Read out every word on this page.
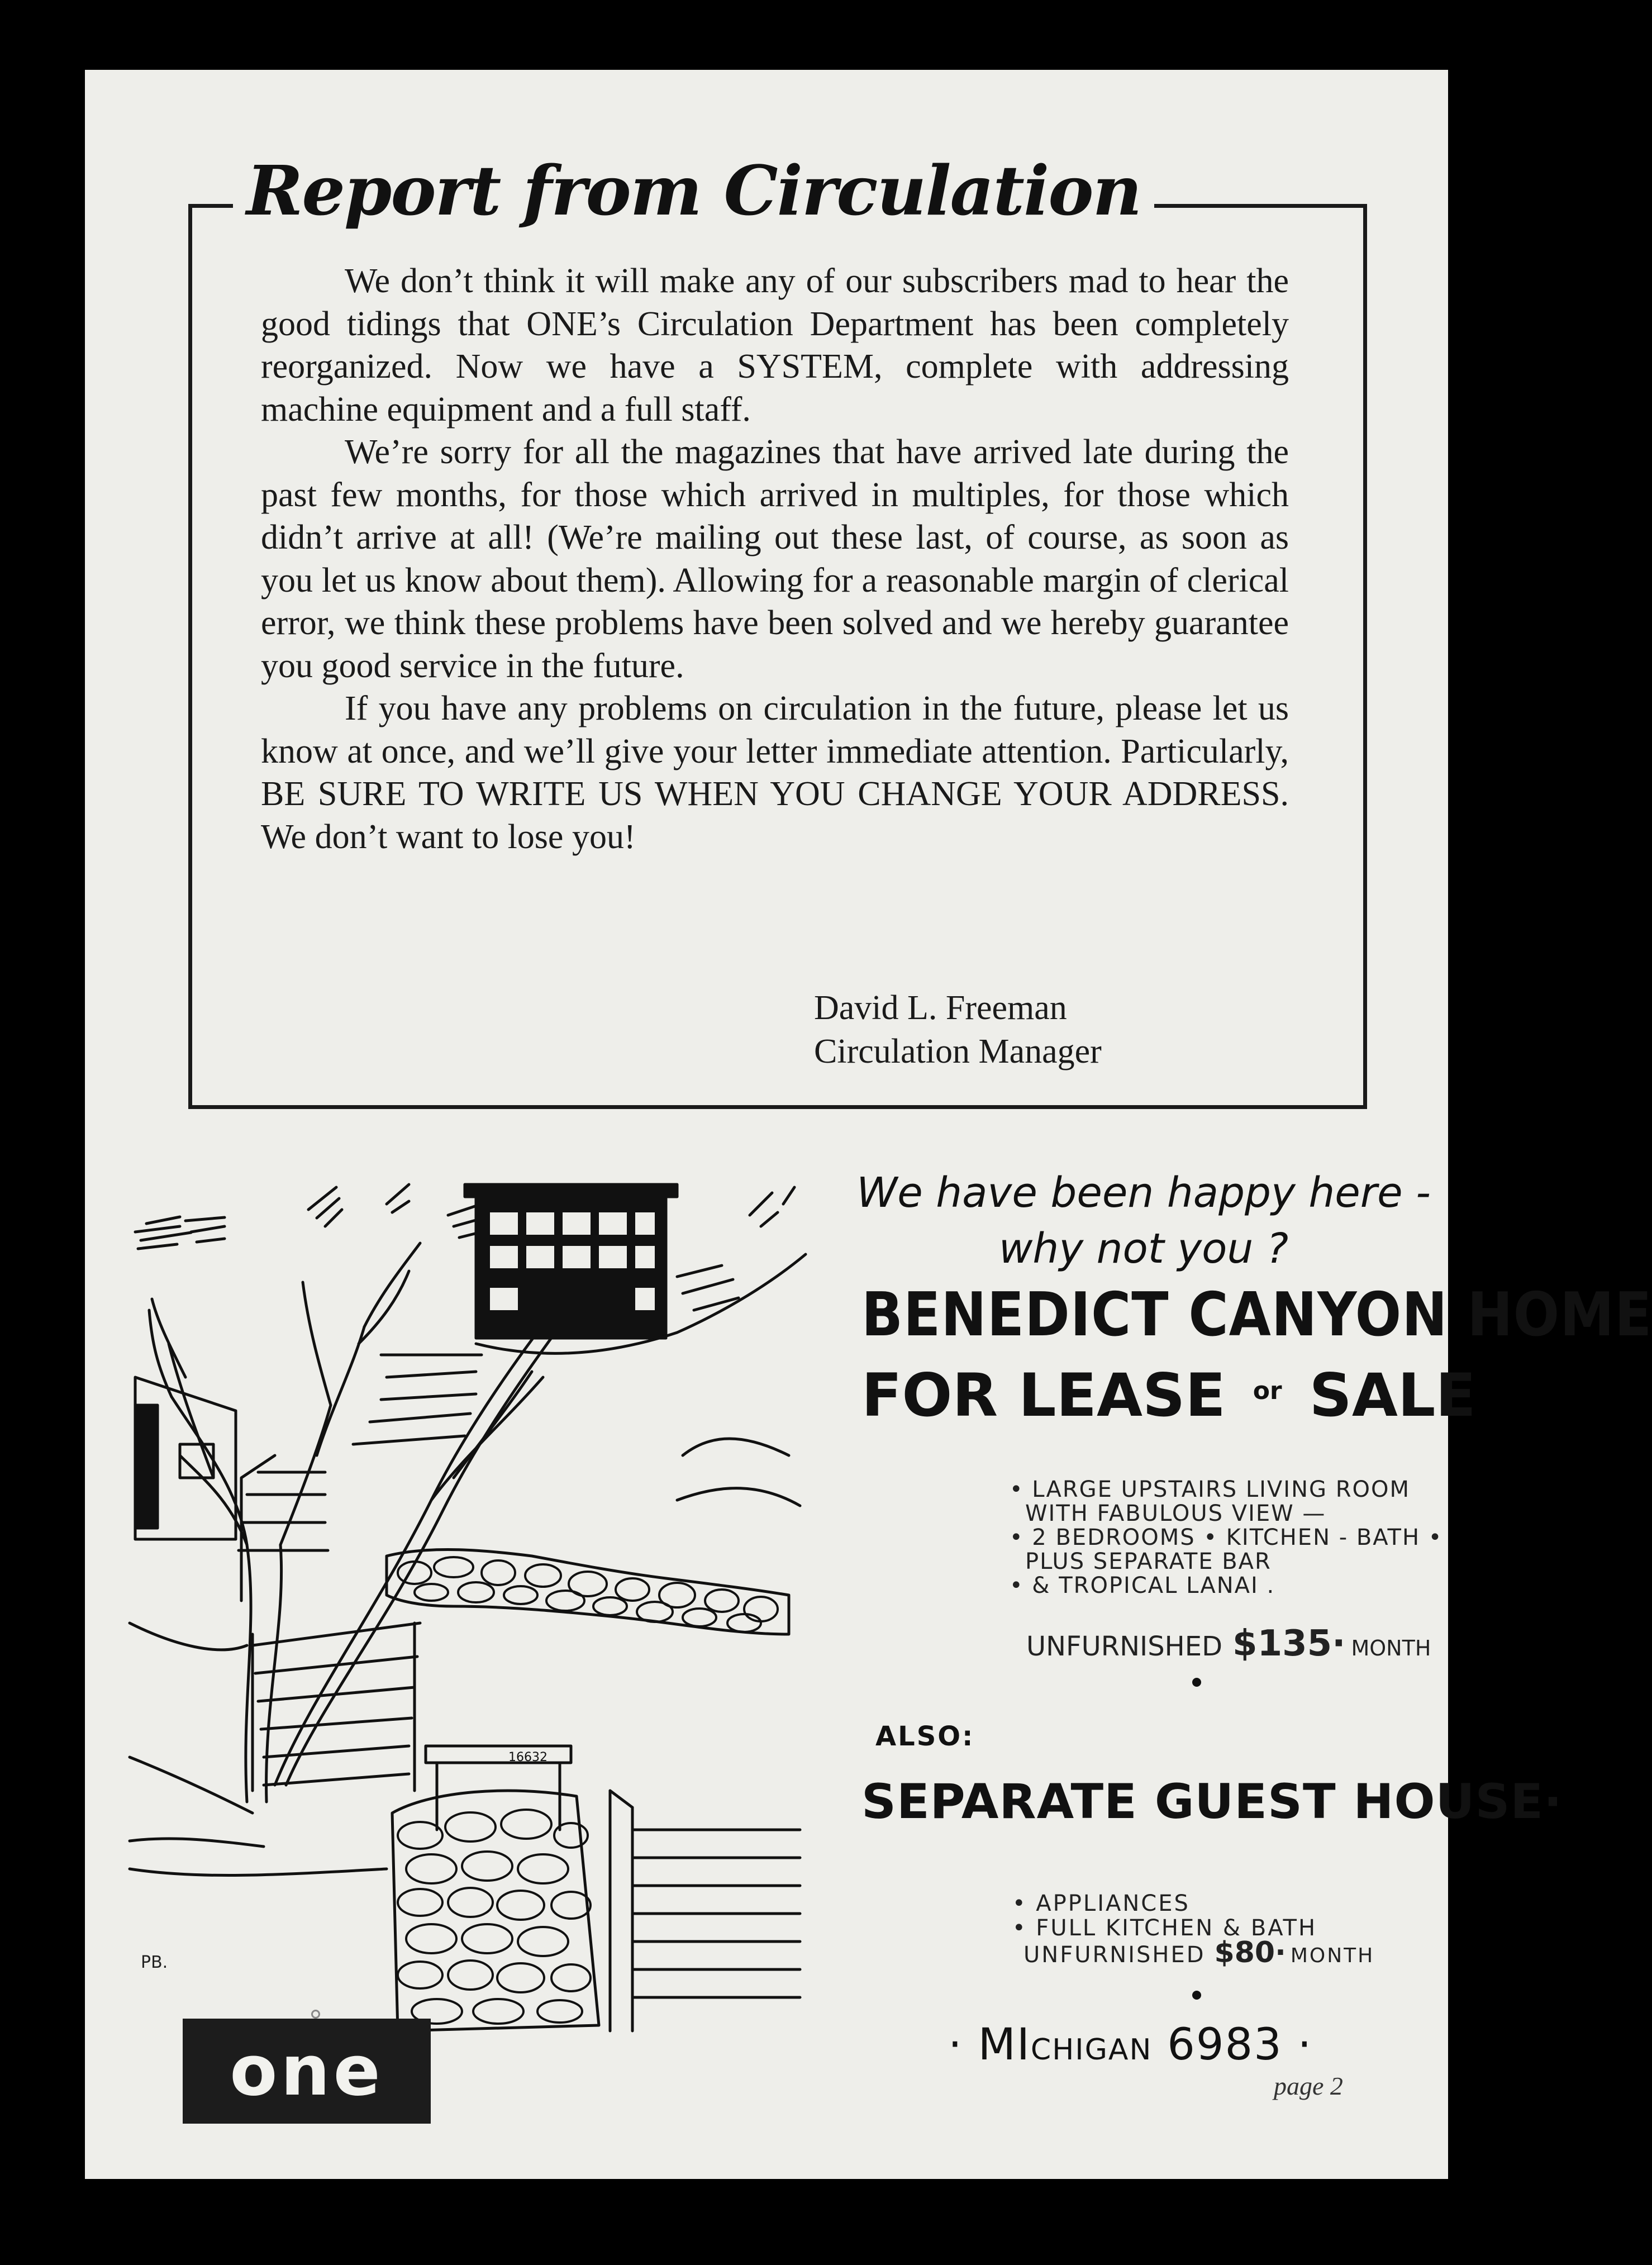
Report from Circulation

We don’t think it will make any of our subscribers mad to hear the good tidings that ONE’s Circulation Department has been completely reorganized. Now we have a SYSTEM, complete with addressing machine equipment and a full staff.

We’re sorry for all the magazines that have arrived late during the past few months, for those which arrived in multiples, for those which didn’t arrive at all! (We’re mailing out these last, of course, as soon as you let us know about them). Allowing for a reasonable margin of clerical error, we think these problems have been solved and we hereby guarantee you good service in the future.

If you have any problems on circulation in the future, please let us know at once, and we’ll give your letter immediate attention. Particularly, BE SURE TO WRITE US WHEN YOU CHANGE YOUR ADDRESS. We don’t want to lose you!

David L. Freeman
Circulation Manager
16632
PB.
We have been happy here -
why not you ?
BENEDICT CANYON HOME
FOR LEASE $^{or}$ SALE
• LARGE UPSTAIRS LIVING ROOM
WITH FABULOUS VIEW —
• 2 BEDROOMS • KITCHEN - BATH •
PLUS SEPARATE BAR
• & TROPICAL LANAI .
UNFURNISHED $135· MONTH
ALSO:
SEPARATE GUEST HOUSE·
• APPLIANCES
• FULL KITCHEN & BATH
UNFURNISHED $80· MONTH
· MICHIGAN 6983 ·
one	page 2
